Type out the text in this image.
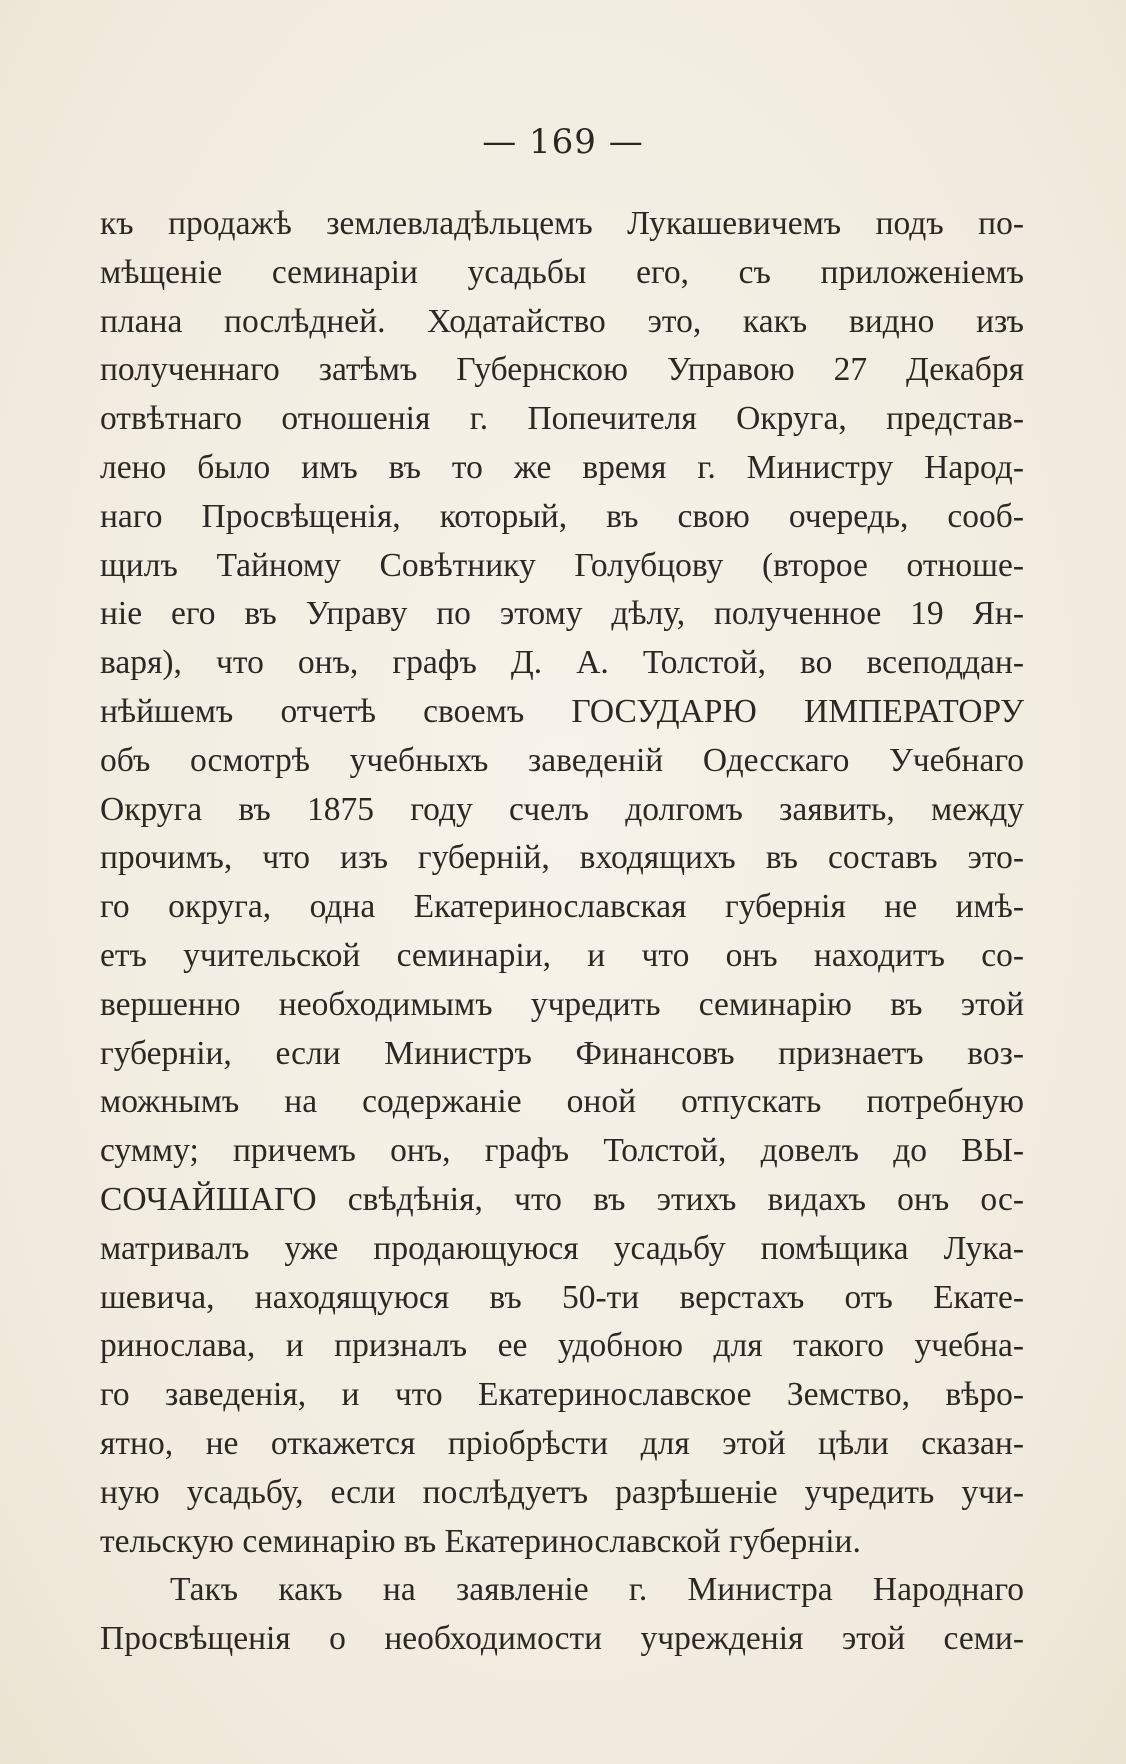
— 169 —
къ продажѣ землевладѣльцемъ Лукашевичемъ подъ по-
мѣщеніе семинаріи усадьбы его, съ приложеніемъ
плана послѣдней. Ходатайство это, какъ видно изъ
полученнаго затѣмъ Губернскою Управою 27 Декабря
отвѣтнаго отношенія г. Попечителя Округа, представ-
лено было имъ въ то же время г. Министру Народ-
наго Просвѣщенія, который, въ свою очередь, сооб-
щилъ Тайному Совѣтнику Голубцову (второе отноше-
ніе его въ Управу по этому дѣлу, полученное 19 Ян-
варя), что онъ, графъ Д. А. Толстой, во всеподдан-
нѣйшемъ отчетѣ своемъ ГОСУДАРЮ ИМПЕРАТОРУ
объ осмотрѣ учебныхъ заведеній Одесскаго Учебнаго
Округа въ 1875 году счелъ долгомъ заявить, между
прочимъ, что изъ губерній, входящихъ въ составъ это-
го округа, одна Екатеринославская губернія не имѣ-
етъ учительской семинаріи, и что онъ находитъ со-
вершенно необходимымъ учредить семинарію въ этой
губерніи, если Министръ Финансовъ признаетъ воз-
можнымъ на содержаніе оной отпускать потребную
сумму; причемъ онъ, графъ Толстой, довелъ до ВЫ-
СОЧАЙШАГО свѣдѣнія, что въ этихъ видахъ онъ ос-
матривалъ уже продающуюся усадьбу помѣщика Лука-
шевича, находящуюся въ 50-ти верстахъ отъ Екате-
ринослава, и призналъ ее удобною для такого учебна-
го заведенія, и что Екатеринославское Земство, вѣро-
ятно, не откажется пріобрѣсти для этой цѣли сказан-
ную усадьбу, если послѣдуетъ разрѣшеніе учредить учи-
тельскую семинарію въ Екатеринославской губерніи.
Такъ какъ на заявленіе г. Министра Народнаго
Просвѣщенія о необходимости учрежденія этой семи-
